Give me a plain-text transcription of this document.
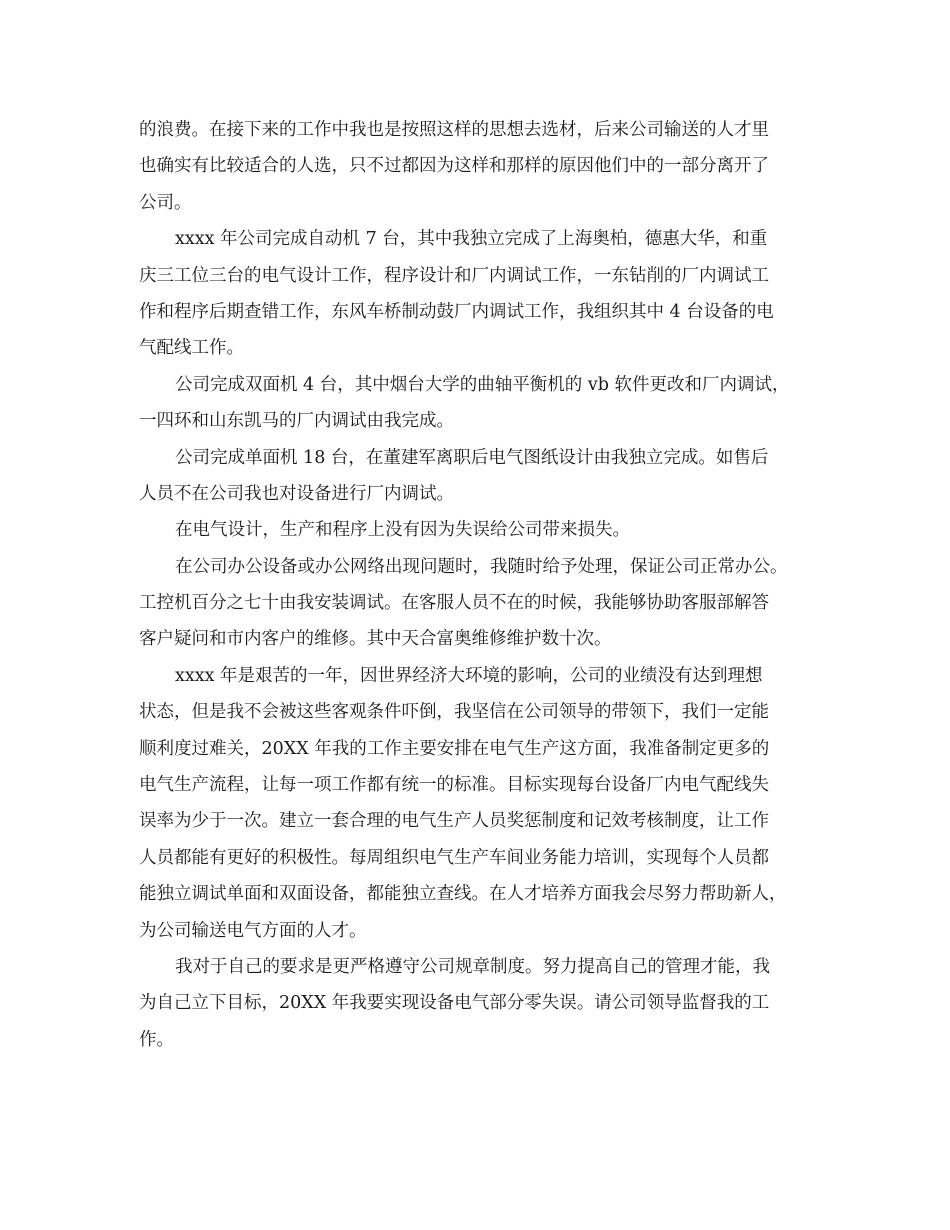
的浪费。在接下来的工作中我也是按照这样的思想去选材，后来公司输送的人才里
也确实有比较适合的人选，只不过都因为这样和那样的原因他们中的一部分离开了
公司。
xxxx 年公司完成自动机 7 台，其中我独立完成了上海奥柏，德惠大华，和重
庆三工位三台的电气设计工作，程序设计和厂内调试工作，一东钻削的厂内调试工
作和程序后期查错工作，东风车桥制动鼓厂内调试工作，我组织其中 4 台设备的电
气配线工作。
公司完成双面机 4 台，其中烟台大学的曲轴平衡机的 vb 软件更改和厂内调试，
一四环和山东凯马的厂内调试由我完成。
公司完成单面机 18 台，在董建军离职后电气图纸设计由我独立完成。如售后
人员不在公司我也对设备进行厂内调试。
在电气设计，生产和程序上没有因为失误给公司带来损失。
在公司办公设备或办公网络出现问题时，我随时给予处理，保证公司正常办公。
工控机百分之七十由我安装调试。在客服人员不在的时候，我能够协助客服部解答
客户疑问和市内客户的维修。其中天合富奥维修维护数十次。
xxxx 年是艰苦的一年，因世界经济大环境的影响，公司的业绩没有达到理想
状态，但是我不会被这些客观条件吓倒，我坚信在公司领导的带领下，我们一定能
顺利度过难关，20XX 年我的工作主要安排在电气生产这方面，我准备制定更多的
电气生产流程，让每一项工作都有统一的标准。目标实现每台设备厂内电气配线失
误率为少于一次。建立一套合理的电气生产人员奖惩制度和记效考核制度，让工作
人员都能有更好的积极性。每周组织电气生产车间业务能力培训，实现每个人员都
能独立调试单面和双面设备，都能独立查线。在人才培养方面我会尽努力帮助新人，
为公司输送电气方面的人才。
我对于自己的要求是更严格遵守公司规章制度。努力提高自己的管理才能，我
为自己立下目标，20XX 年我要实现设备电气部分零失误。请公司领导监督我的工
作。
